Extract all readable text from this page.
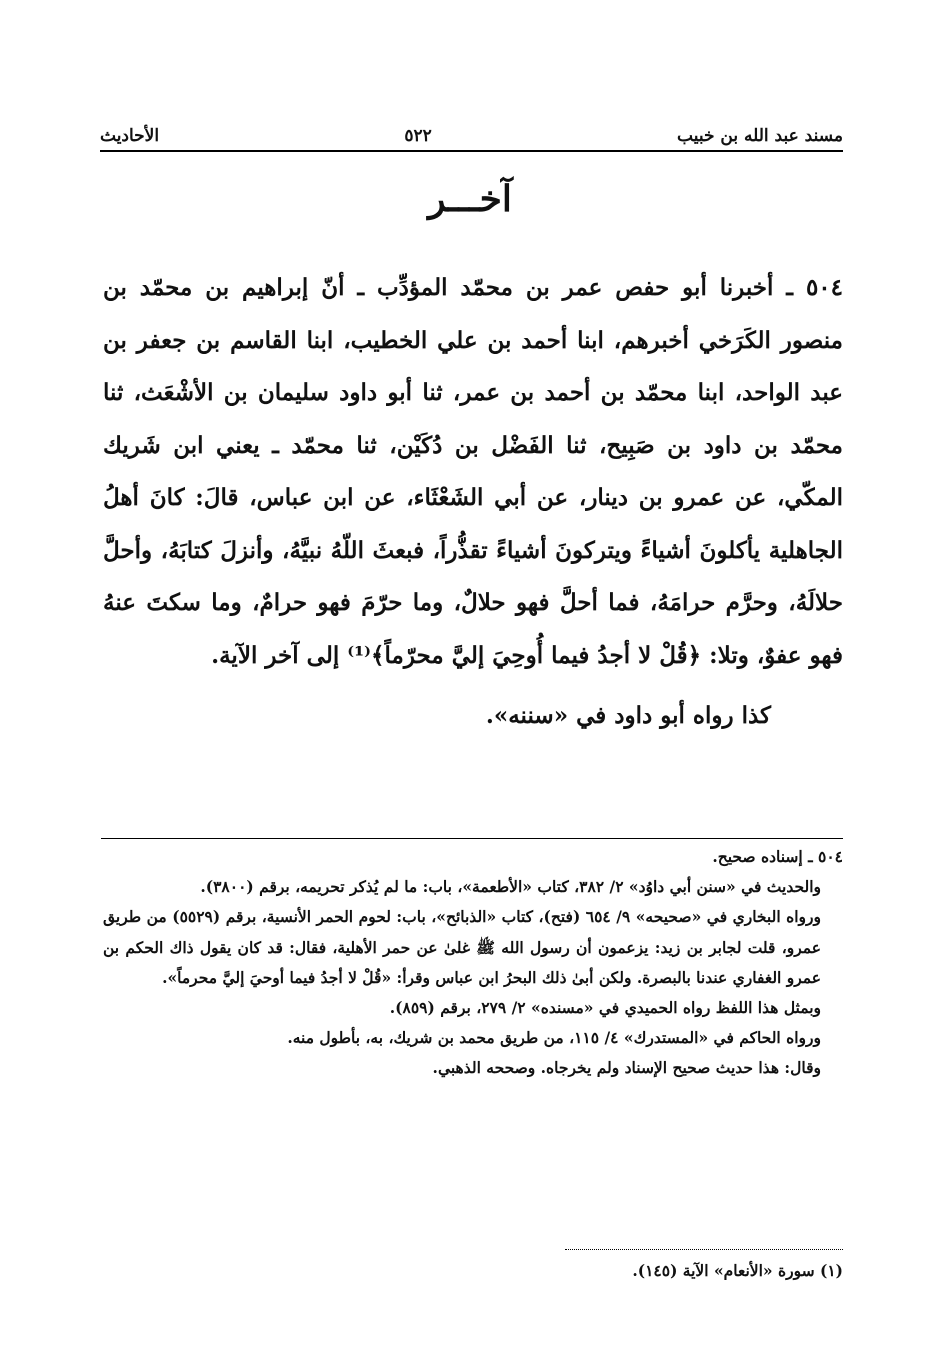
مسند عبد الله بن خبيب
٥٢٢
الأحاديث
آخـــر

٥٠٤ ـ أخبرنا أبو حفص عمر بن محمّد المؤدِّب ـ أنّ إبراهيم بن محمّد بن منصور الكَرَخي أخبرهم، ابنا أحمد بن علي الخطيب، ابنا القاسم بن جعفر بن عبد الواحد، ابنا محمّد بن أحمد بن عمر، ثنا أبو داود سليمان بن الأشْعَث، ثنا محمّد بن داود بن صَبِيح، ثنا الفَضْل بن دُكَيْن، ثنا محمّد ـ يعني ابن شَريك المكّي، عن عمرو بن دينار، عن أبي الشَعْثَاء، عن ابن عباس، قالَ: كانَ أهلُ الجاهلية يأكلونَ أشياءً ويتركونَ أشياءً تقذُّراً، فبعثَ اللّهُ نبيَّهُ، وأنزلَ كتابَهُ، وأحلَّ حلالَهُ، وحرَّم حرامَهُ، فما أحلَّ فهو حلالٌ، وما حرّمَ فهو حرامٌ، وما سكتَ عنهُ فهو عفوٌ، وتلا: ﴿قُلْ لا أجدُ فيما أُوحِيَ إليَّ محرّماً﴾⁽¹⁾ إلى آخر الآية.

كذا رواه أبو داود في «سننه».

٥٠٤ ـ إسناده صحيح.

والحديث في «سنن أبي داوُد» ٢/ ٣٨٢، كتاب «الأطعمة»، باب: ما لم يُذكر تحريمه، برقم (٣٨٠٠).

ورواه البخاري في «صحيحه» ٩/ ٦٥٤ (فتح)، كتاب «الذبائح»، باب: لحوم الحمر الأنسية، برقم (٥٥٢٩) من طريق عمرو، قلت لجابر بن زيد: يزعمون أن رسول الله ﷺ غلىٰ عن حمر الأهلية، فقال: قد كان يقول ذاك الحكم بن عمرو الغفاري عندنا بالبصرة. ولكن أبىٰ ذلك البحرُ ابن عباس وقرأ: «قُلْ لا أجدُ فيما أوحيَ إليَّ محرماً».

وبمثل هذا اللفظ رواه الحميدي في «مسنده» ٢/ ٢٧٩، برقم (٨٥٩).

ورواه الحاكم في «المستدرك» ٤/ ١١٥، من طريق محمد بن شريك، به، بأطول منه.

وقال: هذا حديث صحيح الإسناد ولم يخرجاه. وصححه الذهبي.

(١) سورة «الأنعام» الآية (١٤٥).
